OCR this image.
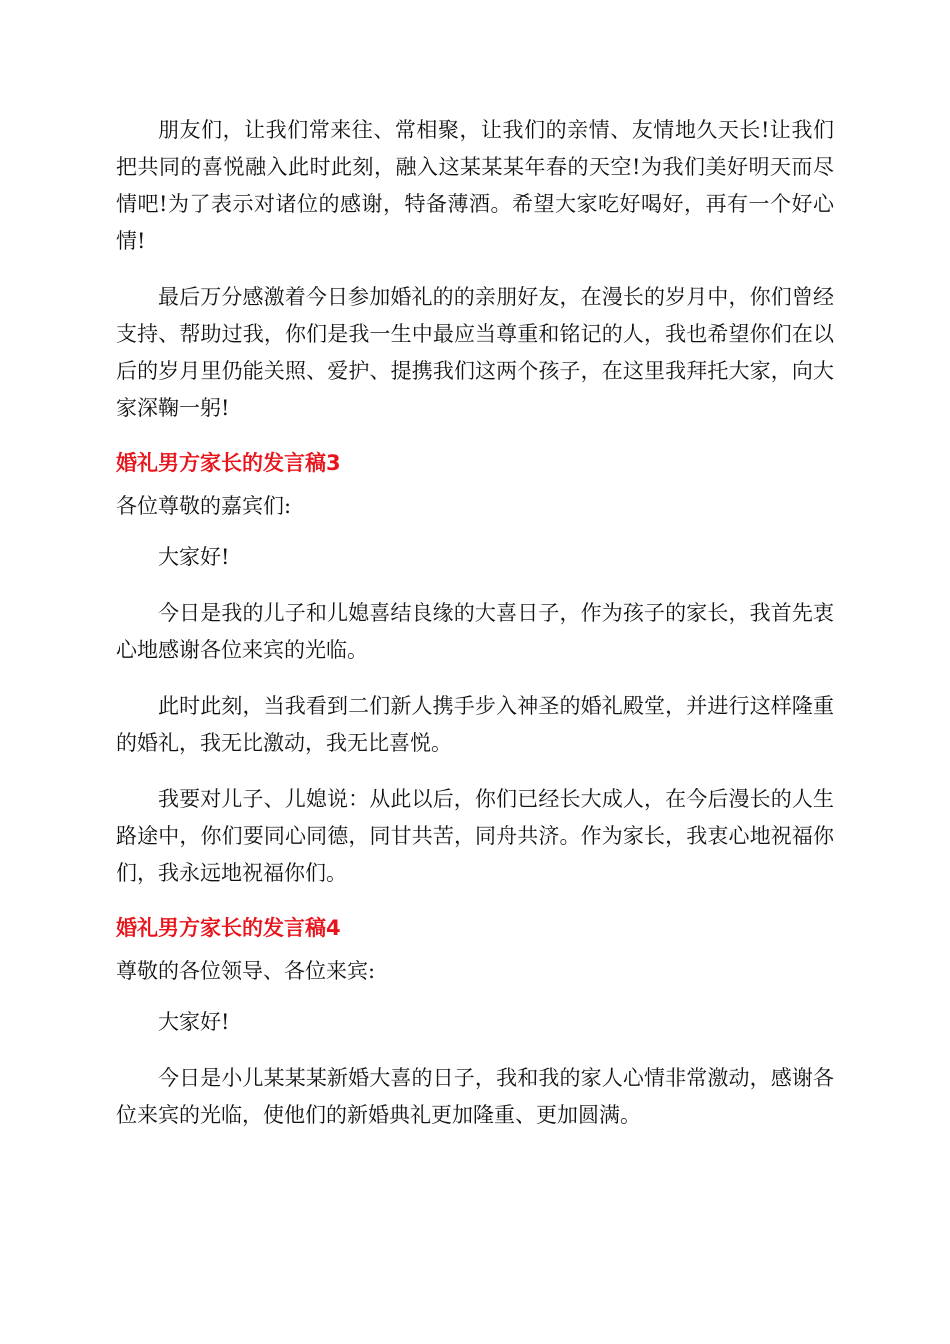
朋友们，让我们常来往、常相聚，让我们的亲情、友情地久天长!让我们把共同的喜悦融入此时此刻，融入这某某某年春的天空!为我们美好明天而尽情吧!为了表示对诸位的感谢，特备薄酒。希望大家吃好喝好，再有一个好心情!

最后万分感激着今日参加婚礼的的亲朋好友，在漫长的岁月中，你们曾经支持、帮助过我，你们是我一生中最应当尊重和铭记的人，我也希望你们在以后的岁月里仍能关照、爱护、提携我们这两个孩子，在这里我拜托大家，向大家深鞠一躬!

婚礼男方家长的发言稿3

各位尊敬的嘉宾们:

大家好!

今日是我的儿子和儿媳喜结良缘的大喜日子，作为孩子的家长，我首先衷心地感谢各位来宾的光临。

此时此刻，当我看到二们新人携手步入神圣的婚礼殿堂，并进行这样隆重的婚礼，我无比激动，我无比喜悦。

我要对儿子、儿媳说：从此以后，你们已经长大成人，在今后漫长的人生路途中，你们要同心同德，同甘共苦，同舟共济。作为家长，我衷心地祝福你们，我永远地祝福你们。

婚礼男方家长的发言稿4

尊敬的各位领导、各位来宾:

大家好!

今日是小儿某某某新婚大喜的日子，我和我的家人心情非常激动，感谢各位来宾的光临，使他们的新婚典礼更加隆重、更加圆满。
